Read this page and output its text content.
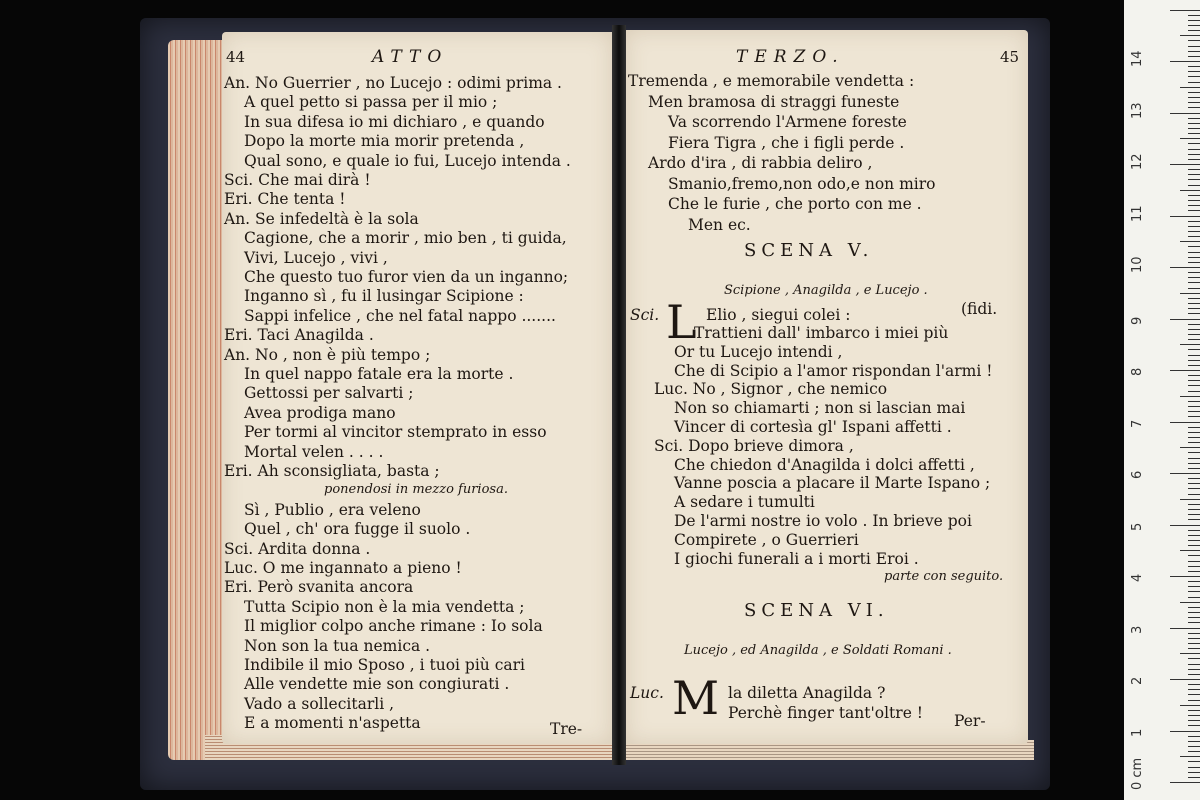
44	ATTO
An. No Guerrier , no Lucejo : odimi prima .
A quel petto si passa per il mio ;
In sua difesa io mi dichiaro , e quando
Dopo la morte mia morir pretenda ,
Qual sono, e quale io fui, Lucejo intenda .
Sci. Che mai dirà !
Eri. Che tenta !
An. Se infedeltà è la sola
Cagione, che a morir , mio ben , ti guida,
Vivi, Lucejo , vivi ,
Che questo tuo furor vien da un inganno;
Inganno sì , fu il lusingar Scipione :
Sappi infelice , che nel fatal nappo .......
Eri. Taci Anagilda .
An. No , non è più tempo ;
In quel nappo fatale era la morte .
Gettossi per salvarti ;
Avea prodiga mano
Per tormi al vincitor stemprato in esso
Mortal velen . . . .
Eri. Ah sconsigliata, basta ;
ponendosi in mezzo furiosa.
Sì , Publio , era veleno
Quel , ch' ora fugge il suolo .
Sci. Ardita donna .
Luc. O me ingannato a pieno !
Eri. Però svanita ancora
Tutta Scipio non è la mia vendetta ;
Il miglior colpo anche rimane : Io sola
Non son la tua nemica .
Indibile il mio Sposo , i tuoi più cari
Alle vendette mie son congiurati .
Vado a sollecitarli ,
E a momenti n'aspetta	Tre-
TERZO.	45
Tremenda , e memorabile vendetta :
Men bramosa di straggi funeste
Va scorrendo l'Armene foreste
Fiera Tigra , che i figli perde .
Ardo d'ira , di rabbia deliro ,
Smanio,fremo,non odo,e non miro
Che le furie , che porto con me .
Men ec.
SCENA V.
Scipione , Anagilda , e Lucejo .
Sci. L Elio , siegui colei :	(fidi.
Trattieni dall' imbarco i miei più
Or tu Lucejo intendi ,
Che di Scipio a l'amor rispondan l'armi !
Luc. No , Signor , che nemico
Non so chiamarti ; non si lascian mai
Vincer di cortesìa gl' Ispani affetti .
Sci. Dopo brieve dimora ,
Che chiedon d'Anagilda i dolci affetti ,
Vanne poscia a placare il Marte Ispano ;
A sedare i tumulti
De l'armi nostre io volo . In brieve poi
Compirete , o Guerrieri
I giochi funerali a i morti Eroi .
parte con seguito.
SCENA VI.
Lucejo , ed Anagilda , e Soldati Romani .
Luc. M la diletta Anagilda ?
Perchè finger tant'oltre ! Per-
0 cm
1
2
3
4
5
6
7
8
9
10
11
12
13
14
